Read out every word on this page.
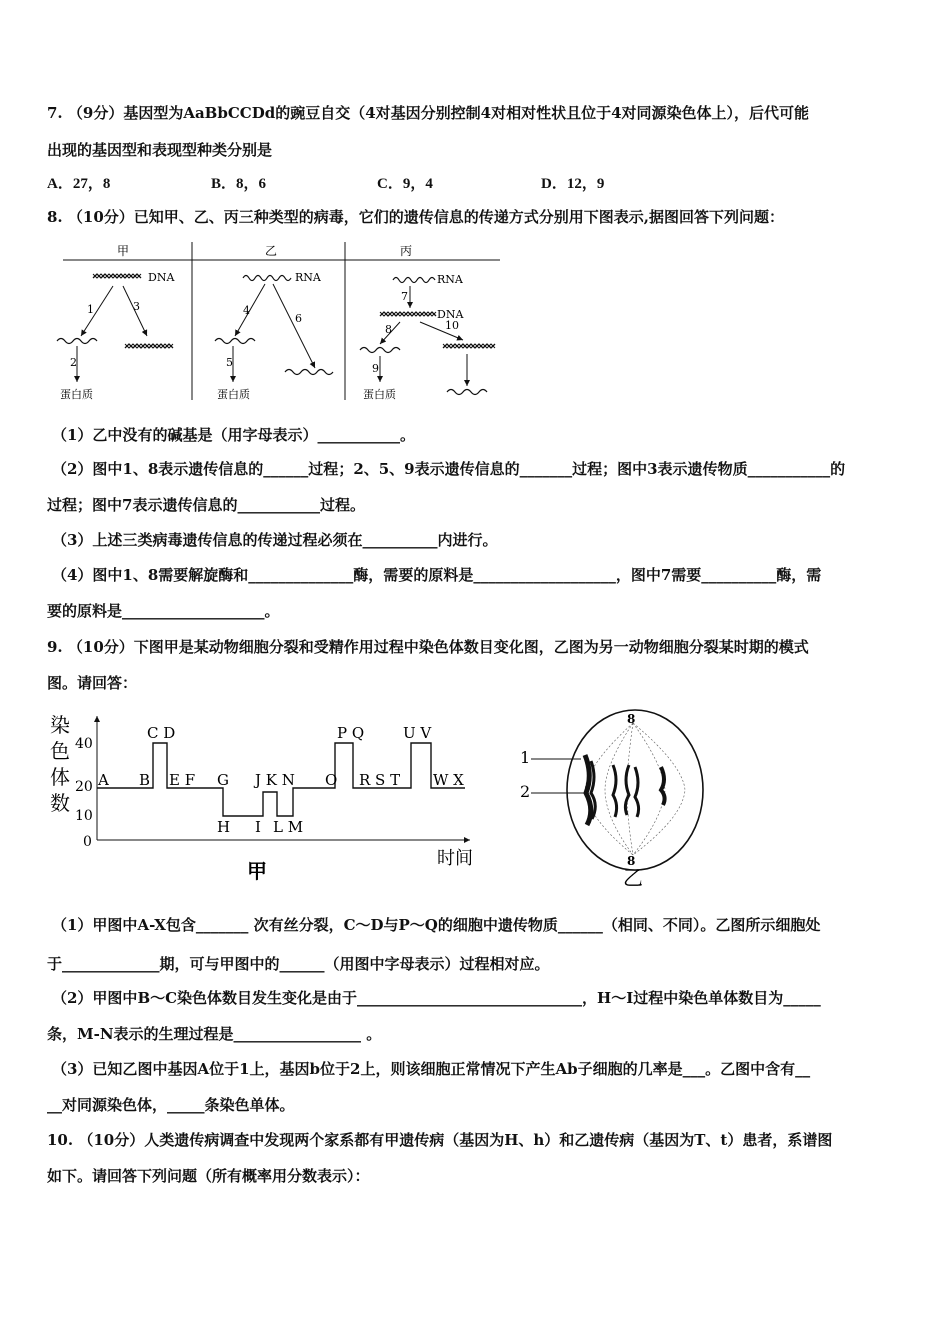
7. （9分）基因型为AaBbCCDd的豌豆自交（4对基因分别控制4对相对性状且位于4对同源染色体上），后代可能
出现的基因型和表现型种类分别是
A．27，8	B．8，6	C．9，4	D．12，9
8. （10分）已知甲、乙、丙三种类型的病毒，它们的遗传信息的传递方式分别用下图表示,据图回答下列问题：
甲	乙	丙
DNA
1	3
2
蛋白质
RNA
4
6
5
蛋白质
RNA
7
DNA
8	10
9
蛋白质
（1）乙中没有的碱基是（用字母表示）___________。
（2）图中1、8表示遗传信息的______过程；2、5、9表示遗传信息的_______过程；图中3表示遗传物质___________的
过程；图中7表示遗传信息的___________过程。
（3）上述三类病毒遗传信息的传递过程必须在__________内进行。
（4）图中1、8需要解旋酶和______________酶，需要的原料是___________________，图中7需要__________酶，需
要的原料是___________________。
9. （10分）下图甲是某动物细胞分裂和受精作用过程中染色体数目变化图，乙图为另一动物细胞分裂某时期的模式
图。请回答：
染
色
体
数
40
20
10
0
C D	P Q	U V
A B E F G J K N O R S T W X
H I L M
时间
甲
8
8
1
2
乙
（1）甲图中A-X包含_______ 次有丝分裂，C～D与P～Q的细胞中遗传物质______（相同、不同）。乙图所示细胞处
于_____________期，可与甲图中的______（用图中字母表示）过程相对应。
（2）甲图中B～C染色体数目发生变化是由于______________________________，H～I过程中染色单体数目为_____
条，M-N表示的生理过程是_________________ 。
（3）已知乙图中基因A位于1上，基因b位于2上，则该细胞正常情况下产生Ab子细胞的几率是___。乙图中含有__
__对同源染色体，_____条染色单体。
10. （10分）人类遗传病调查中发现两个家系都有甲遗传病（基因为H、h）和乙遗传病（基因为T、t）患者，系谱图
如下。请回答下列问题（所有概率用分数表示）：
